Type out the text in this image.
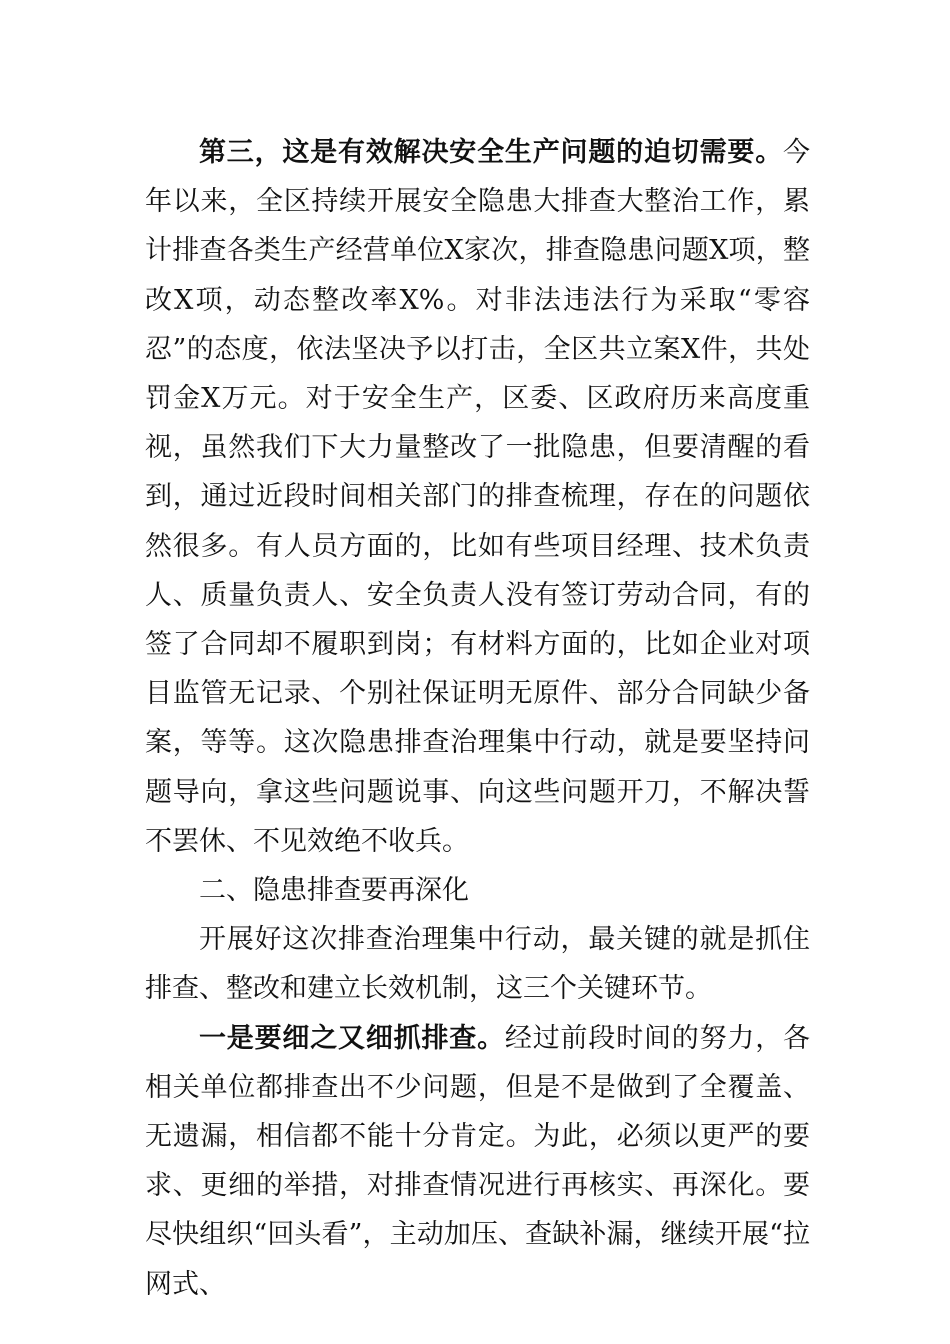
第三，这是有效解决安全生产问题的迫切需要。今年以来，全区持续开展安全隐患大排查大整治工作，累计排查各类生产经营单位X家次，排查隐患问题X项，整改X项，动态整改率X%。对非法违法行为采取“零容忍”的态度，依法坚决予以打击，全区共立案X件，共处罚金X万元。对于安全生产，区委、区政府历来高度重视，虽然我们下大力量整改了一批隐患，但要清醒的看到，通过近段时间相关部门的排查梳理，存在的问题依然很多。有人员方面的，比如有些项目经理、技术负责人、质量负责人、安全负责人没有签订劳动合同，有的签了合同却不履职到岗；有材料方面的，比如企业对项目监管无记录、个别社保证明无原件、部分合同缺少备案，等等。这次隐患排查治理集中行动，就是要坚持问题导向，拿这些问题说事、向这些问题开刀，不解决誓不罢休、不见效绝不收兵。

二、隐患排查要再深化

开展好这次排查治理集中行动，最关键的就是抓住排查、整改和建立长效机制，这三个关键环节。

一是要细之又细抓排查。经过前段时间的努力，各相关单位都排查出不少问题，但是不是做到了全覆盖、无遗漏，相信都不能十分肯定。为此，必须以更严的要求、更细的举措，对排查情况进行再核实、再深化。要尽快组织“回头看”，主动加压、查缺补漏，继续开展“拉网式、
